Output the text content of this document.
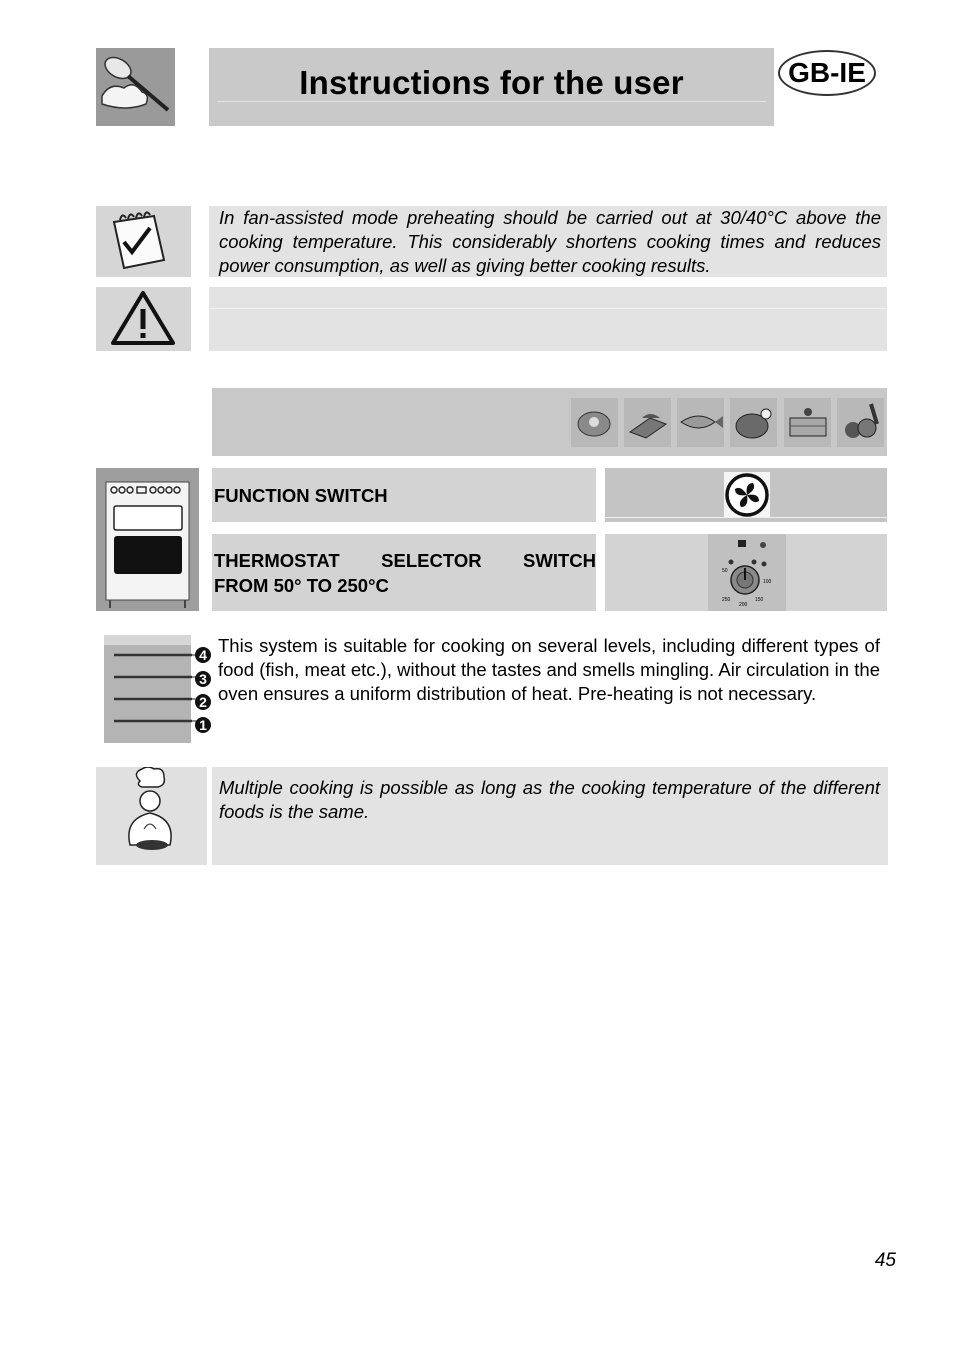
Instructions for the user	GB-IE
In fan-assisted mode preheating should be carried out at 30/40°C above the cooking temperature. This considerably shortens cooking times and reduces power consumption, as well as giving better cooking results.
FUNCTION SWITCH
THERMOSTAT SELECTOR SWITCH
FROM 50° TO 250°C
50
100
150
200
250
4
3
2
1
This system is suitable for cooking on several levels, including different types of food (fish, meat etc.), without the tastes and smells mingling. Air circulation in the oven ensures a uniform distribution of heat. Pre-heating is not necessary.
Multiple cooking is possible as long as the cooking temperature of the different foods is the same.
45
